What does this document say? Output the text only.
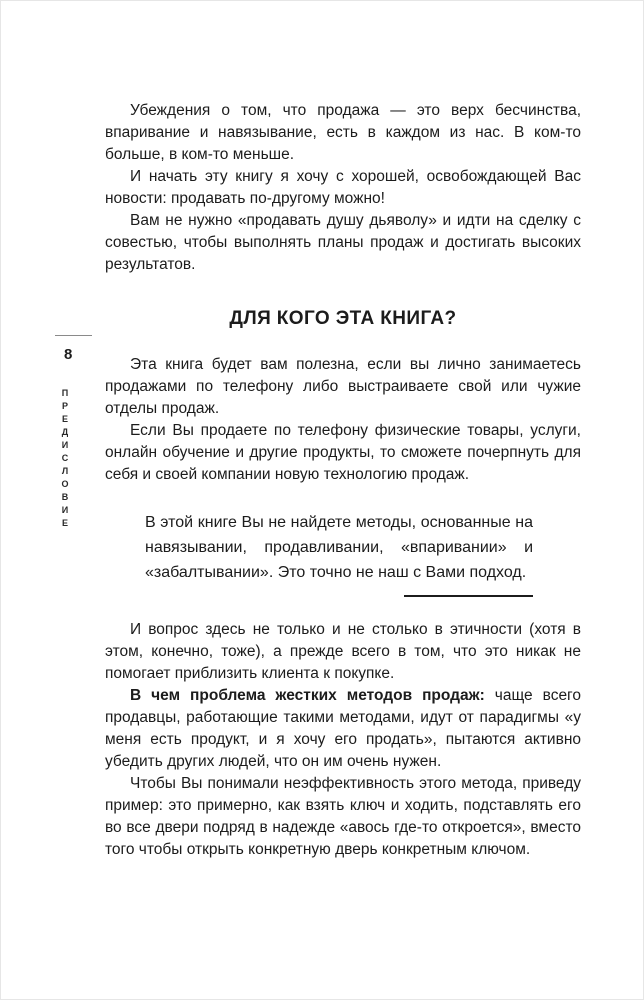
8
ПРЕДИСЛОВИЕ

Убеждения о том, что продажа — это верх бесчинства, впаривание и навязывание, есть в каждом из нас. В ком-то больше, в ком-то меньше.

И начать эту книгу я хочу с хорошей, освобождающей Вас новости: продавать по-другому можно!

Вам не нужно «продавать душу дьяволу» и идти на сделку с совестью, чтобы выполнять планы продаж и достигать высоких результатов.

ДЛЯ КОГО ЭТА КНИГА?

Эта книга будет вам полезна, если вы лично занимаетесь продажами по телефону либо выстраиваете свой или чужие отделы продаж.

Если Вы продаете по телефону физические товары, услуги, онлайн обучение и другие продукты, то сможете почерпнуть для себя и своей компании новую технологию продаж.

В этой книге Вы не найдете методы, основанные на навязывании, продавливании, «впаривании» и «забалтывании». Это точно не наш с Вами подход.

И вопрос здесь не только и не столько в этичности (хотя в этом, конечно, тоже), а прежде всего в том, что это никак не помогает приблизить клиента к покупке.

В чем проблема жестких методов продаж: чаще всего продавцы, работающие такими методами, идут от парадигмы «у меня есть продукт, и я хочу его продать», пытаются активно убедить других людей, что он им очень нужен.

Чтобы Вы понимали неэффективность этого метода, приведу пример: это примерно, как взять ключ и ходить, подставлять его во все двери подряд в надежде «авось где-то откроется», вместо того чтобы открыть конкретную дверь конкретным ключом.
